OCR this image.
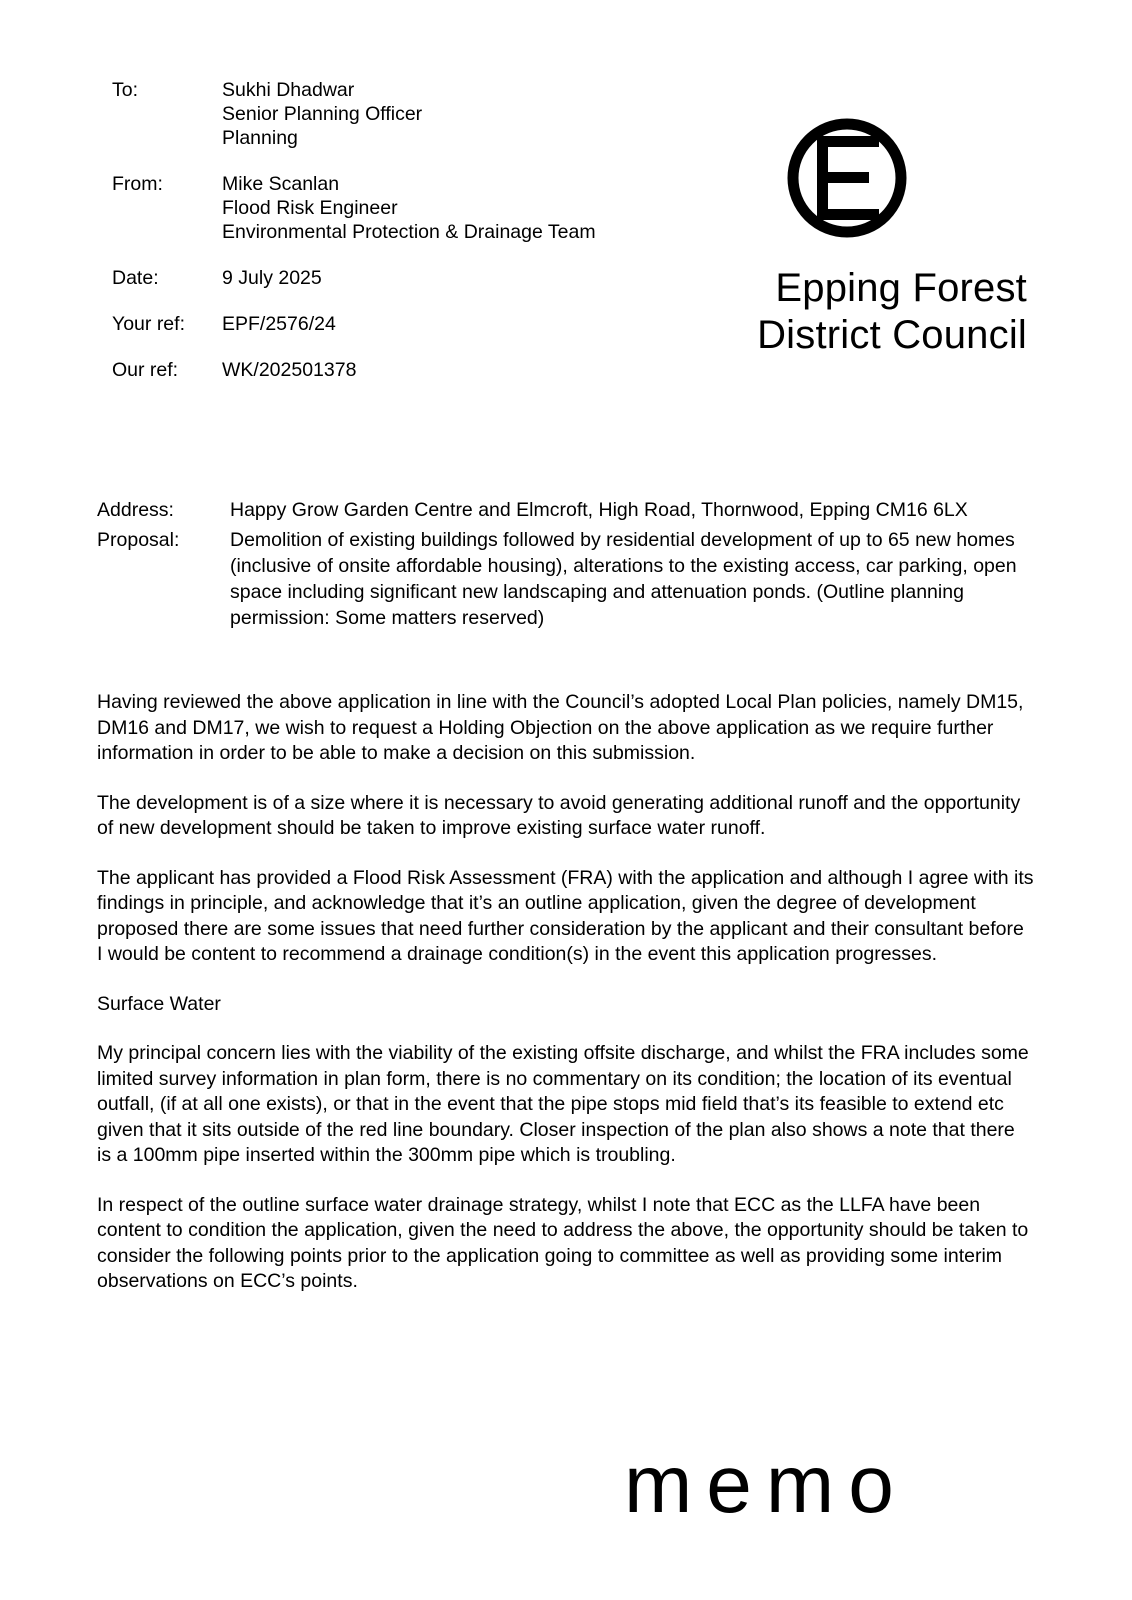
To:	Sukhi Dhadwar
Senior Planning Officer
Planning
From:	Mike Scanlan
Flood Risk Engineer
Environmental Protection & Drainage Team
Date:	9 July 2025
Your ref:	EPF/2576/24
Our ref:	WK/202501378
Epping Forest
District Council
Address:	Happy Grow Garden Centre and Elmcroft, High Road, Thornwood, Epping CM16 6LX
Proposal:	Demolition of existing buildings followed by residential development of up to 65 new homes (inclusive of onsite affordable housing), alterations to the existing access, car parking, open space including significant new landscaping and attenuation ponds. (Outline planning permission: Some matters reserved)

Having reviewed the above application in line with the Council’s adopted Local Plan policies, namely DM15, DM16 and DM17, we wish to request a Holding Objection on the above application as we require further information in order to be able to make a decision on this submission.

The development is of a size where it is necessary to avoid generating additional runoff and the opportunity of new development should be taken to improve existing surface water runoff.

The applicant has provided a Flood Risk Assessment (FRA) with the application and although I agree with its findings in principle, and acknowledge that it’s an outline application, given the degree of development proposed there are some issues that need further consideration by the applicant and their consultant before I would be content to recommend a drainage condition(s) in the event this application progresses.

Surface Water

My principal concern lies with the viability of the existing offsite discharge, and whilst the FRA includes some limited survey information in plan form, there is no commentary on its condition; the location of its eventual outfall, (if at all one exists), or that in the event that the pipe stops mid field that’s its feasible to extend etc given that it sits outside of the red line boundary. Closer inspection of the plan also shows a note that there is a 100mm pipe inserted within the 300mm pipe which is troubling.

In respect of the outline surface water drainage strategy, whilst I note that ECC as the LLFA have been content to condition the application, given the need to address the above, the opportunity should be taken to consider the following points prior to the application going to committee as well as providing some interim observations on ECC’s points.

memo
